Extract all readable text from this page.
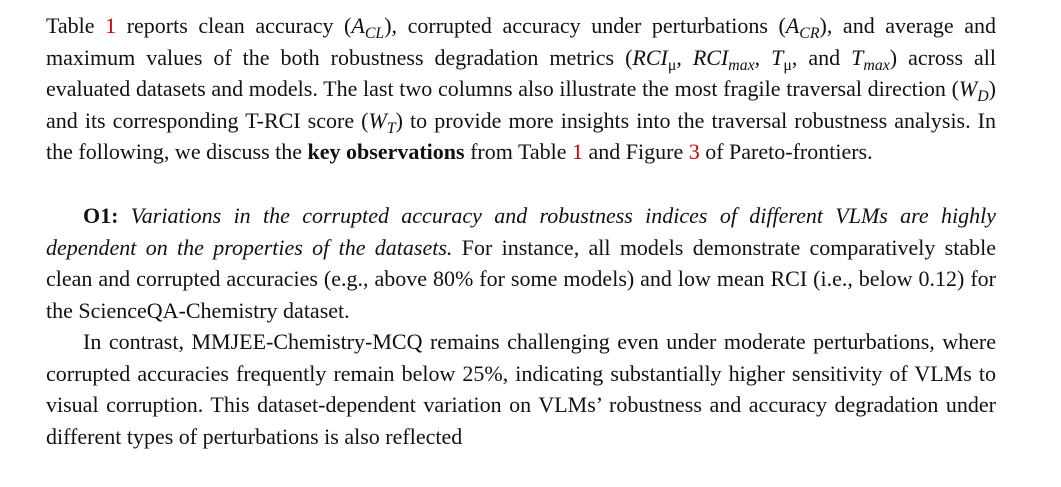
Table 1 reports clean accuracy $(A_{CL})$, corrupted accuracy under perturbations $(A_{CR})$, and average and maximum values of the both robustness degradation metrics ($RCI_\mu$, $RCI_{max}$, $T_\mu$, and $T_{max}$) across all evaluated datasets and models. The last two columns also illustrate the most fragile traversal direction $(W_D)$ and its corresponding T-RCI score $(W_T)$ to provide more insights into the traversal robustness analysis. In the following, we discuss the key observations from Table 1 and Figure 3 of Pareto-frontiers.

O1: Variations in the corrupted accuracy and robustness indices of different VLMs are highly dependent on the properties of the datasets. For instance, all models demonstrate comparatively stable clean and corrupted accuracies (e.g., above 80% for some models) and low mean RCI (i.e., below 0.12) for the ScienceQA-Chemistry dataset.

In contrast, MMJEE-Chemistry-MCQ remains challenging even under moderate perturbations, where corrupted accuracies frequently remain below 25%, indicating substantially higher sensitivity of VLMs to visual corruption. This dataset-dependent variation on VLMs’ robustness and accuracy degradation under different types of perturbations is also reflected
